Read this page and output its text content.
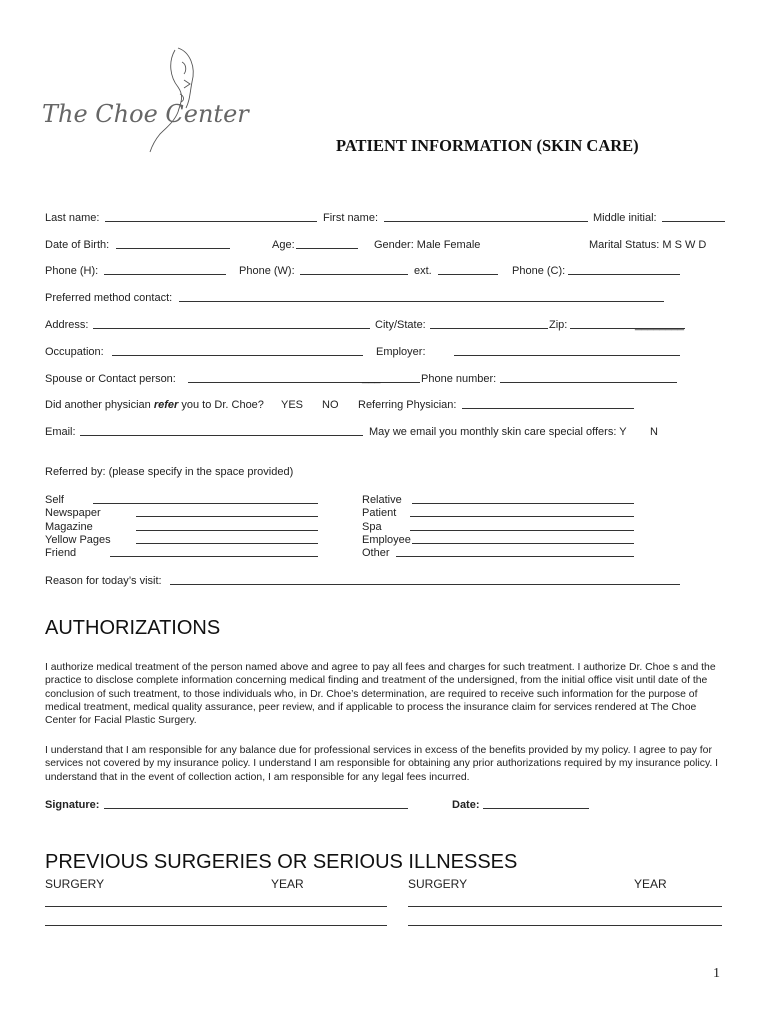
The Choe Center
PATIENT INFORMATION (SKIN CARE)
Last name:	First name:	Middle initial:
Date of Birth:	Age:	Gender: Male Female	Marital Status: M S W D
Phone (H):	Phone (W):	ext.	Phone (C):
Preferred method contact:
Address:	City/State:	Zip:	________
Occupation:	Employer:
Spouse or Contact person:	___	Phone number:
Did another physician refer you to Dr. Choe? YES NO Referring Physician:
Email:	May we email you monthly skin care special offers: Y N
Referred by: (please specify in the space provided)
Self
Newspaper
Magazine
Yellow Pages
Friend
Relative
Patient
Spa
Employee
Other
Reason for today’s visit:
AUTHORIZATIONS
I authorize medical treatment of the person named above and agree to pay all fees and charges for such treatment. I authorize Dr. Choe s and the practice to disclose complete information concerning medical finding and treatment of the undersigned, from the initial office visit until date of the conclusion of such treatment, to those individuals who, in Dr. Choe’s determination, are required to receive such information for the purpose of medical treatment, medical quality assurance, peer review, and if applicable to process the insurance claim for services rendered at The Choe Center for Facial Plastic Surgery.
I understand that I am responsible for any balance due for professional services in excess of the benefits provided by my policy. I agree to pay for services not covered by my insurance policy. I understand I am responsible for obtaining any prior authorizations required by my insurance policy. I understand that in the event of collection action, I am responsible for any legal fees incurred.
Signature:	Date:
PREVIOUS SURGERIES OR SERIOUS ILLNESSES
SURGERY	YEAR	SURGERY	YEAR
1
